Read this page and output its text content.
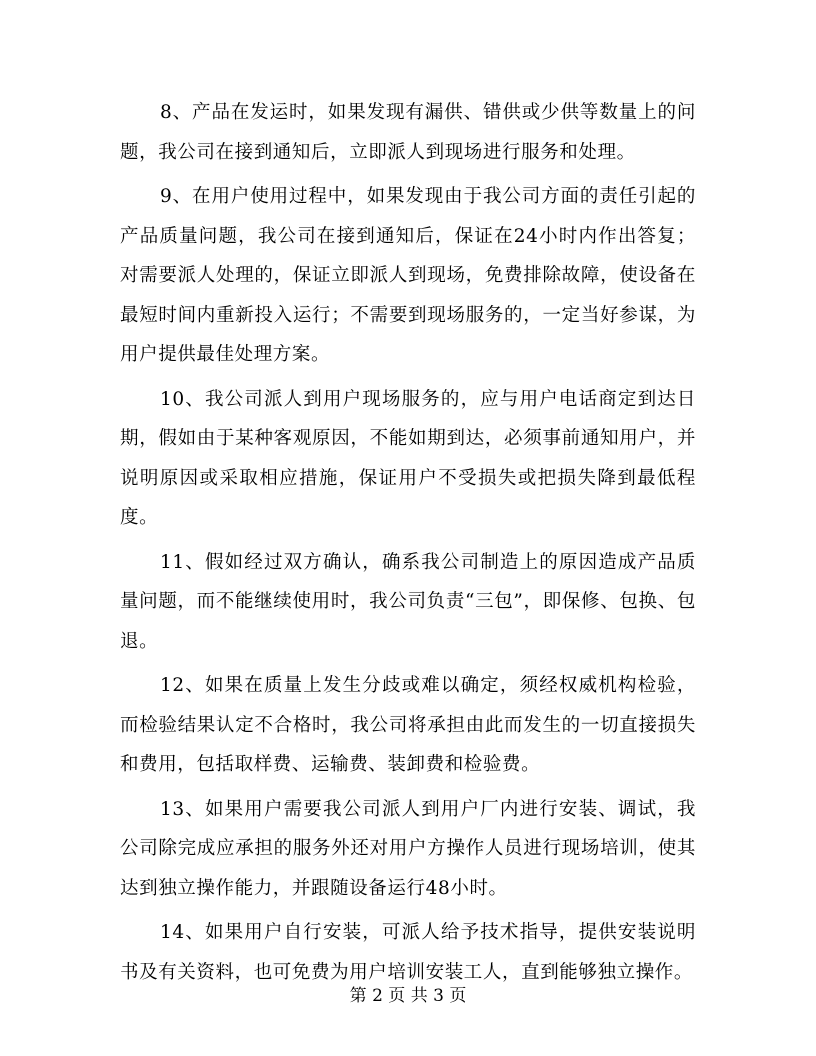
8、产品在发运时，如果发现有漏供、错供或少供等数量上的问题，我公司在接到通知后，立即派人到现场进行服务和处理。

9、在用户使用过程中，如果发现由于我公司方面的责任引起的产品质量问题，我公司在接到通知后，保证在24小时内作出答复；对需要派人处理的，保证立即派人到现场，免费排除故障，使设备在最短时间内重新投入运行；不需要到现场服务的，一定当好参谋，为用户提供最佳处理方案。

10、我公司派人到用户现场服务的，应与用户电话商定到达日期，假如由于某种客观原因，不能如期到达，必须事前通知用户，并说明原因或采取相应措施，保证用户不受损失或把损失降到最低程度。

11、假如经过双方确认，确系我公司制造上的原因造成产品质量问题，而不能继续使用时，我公司负责“三包”，即保修、包换、包退。

12、如果在质量上发生分歧或难以确定，须经权威机构检验，而检验结果认定不合格时，我公司将承担由此而发生的一切直接损失和费用，包括取样费、运输费、装卸费和检验费。

13、如果用户需要我公司派人到用户厂内进行安装、调试，我公司除完成应承担的服务外还对用户方操作人员进行现场培训，使其达到独立操作能力，并跟随设备运行48小时。

14、如果用户自行安装，可派人给予技术指导，提供安装说明书及有关资料，也可免费为用户培训安装工人，直到能够独立操作。

第 2 页 共 3 页
